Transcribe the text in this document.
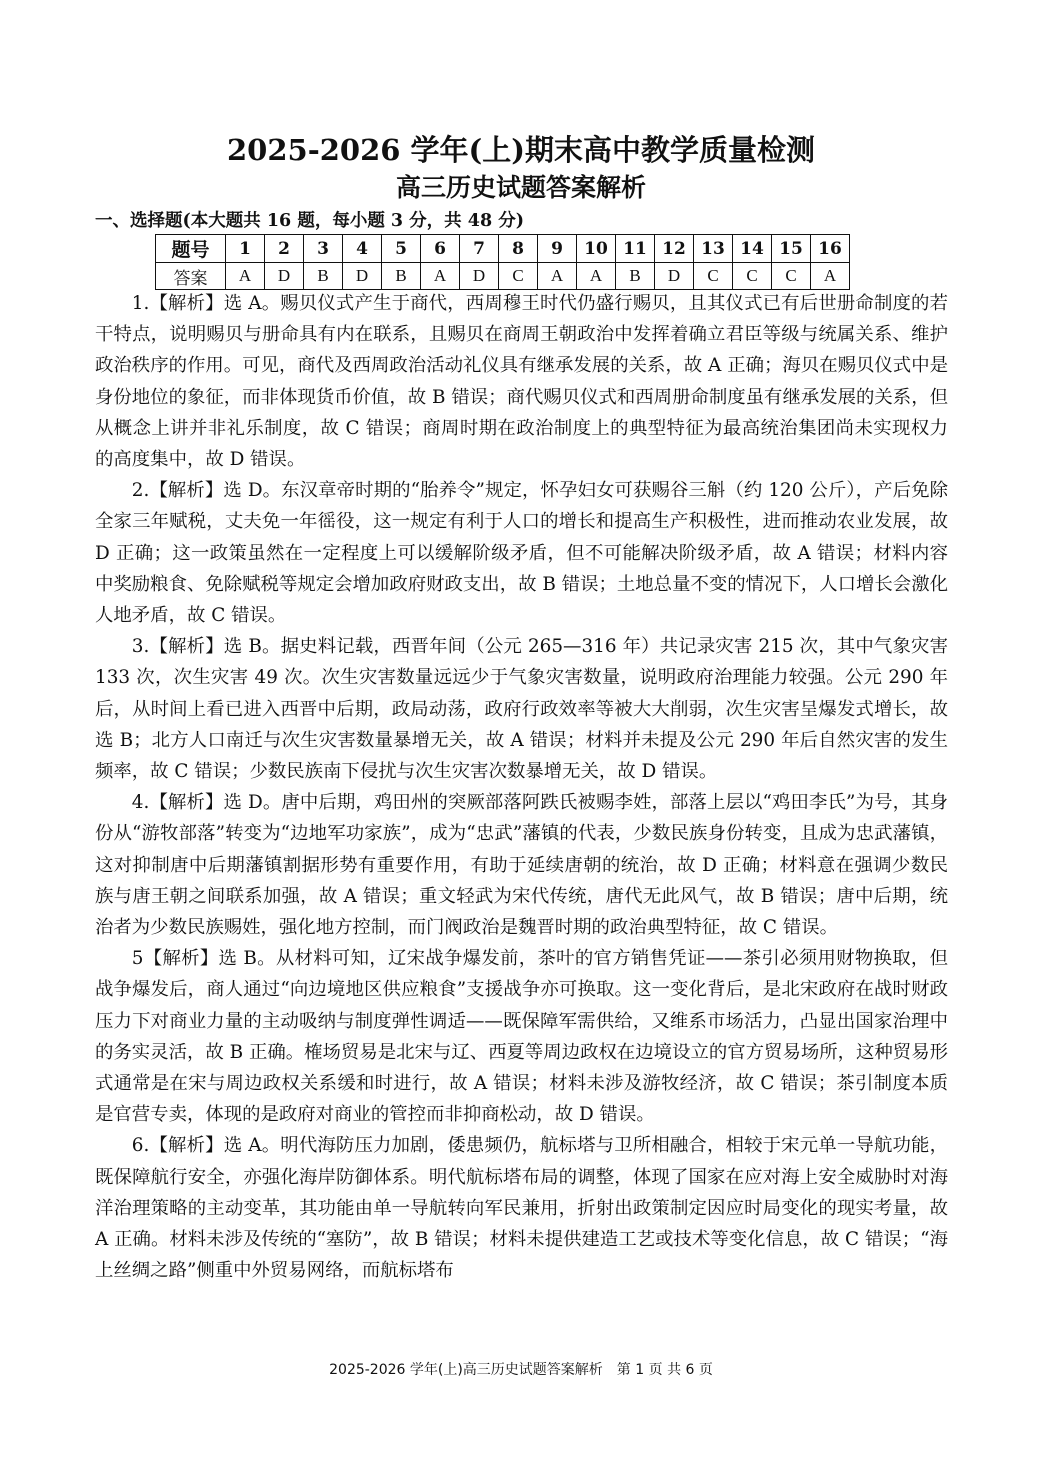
2025-2026 学年(上)期末高中教学质量检测
高三历史试题答案解析
一、选择题(本大题共 16 题，每小题 3 分，共 48 分)
题号	1	2	3	4	5	6	7	8	9	10	11	12	13	14	15	16
答案	A	D	B	D	B	A	D	C	A	A	B	D	C	C	C	A

1.【解析】选 A。赐贝仪式产生于商代，西周穆王时代仍盛行赐贝，且其仪式已有后世册命制度的若干特点，说明赐贝与册命具有内在联系，且赐贝在商周王朝政治中发挥着确立君臣等级与统属关系、维护政治秩序的作用。可见，商代及西周政治活动礼仪具有继承发展的关系，故 A 正确；海贝在赐贝仪式中是身份地位的象征，而非体现货币价值，故 B 错误；商代赐贝仪式和西周册命制度虽有继承发展的关系，但从概念上讲并非礼乐制度，故 C 错误；商周时期在政治制度上的典型特征为最高统治集团尚未实现权力的高度集中，故 D 错误。

2.【解析】选 D。东汉章帝时期的“胎养令”规定，怀孕妇女可获赐谷三斛（约 120 公斤），产后免除全家三年赋税，丈夫免一年徭役，这一规定有利于人口的增长和提高生产积极性，进而推动农业发展，故 D 正确；这一政策虽然在一定程度上可以缓解阶级矛盾，但不可能解决阶级矛盾，故 A 错误；材料内容中奖励粮食、免除赋税等规定会增加政府财政支出，故 B 错误；土地总量不变的情况下，人口增长会激化人地矛盾，故 C 错误。

3.【解析】选 B。据史料记载，西晋年间（公元 265—316 年）共记录灾害 215 次，其中气象灾害 133 次，次生灾害 49 次。次生灾害数量远远少于气象灾害数量，说明政府治理能力较强。公元 290 年后，从时间上看已进入西晋中后期，政局动荡，政府行政效率等被大大削弱，次生灾害呈爆发式增长，故选 B；北方人口南迁与次生灾害数量暴增无关，故 A 错误；材料并未提及公元 290 年后自然灾害的发生频率，故 C 错误；少数民族南下侵扰与次生灾害次数暴增无关，故 D 错误。

4.【解析】选 D。唐中后期，鸡田州的突厥部落阿跌氏被赐李姓，部落上层以“鸡田李氏”为号，其身份从“游牧部落”转变为“边地军功家族”，成为“忠武”藩镇的代表，少数民族身份转变，且成为忠武藩镇，这对抑制唐中后期藩镇割据形势有重要作用，有助于延续唐朝的统治，故 D 正确；材料意在强调少数民族与唐王朝之间联系加强，故 A 错误；重文轻武为宋代传统，唐代无此风气，故 B 错误；唐中后期，统治者为少数民族赐姓，强化地方控制，而门阀政治是魏晋时期的政治典型特征，故 C 错误。

5【解析】选 B。从材料可知，辽宋战争爆发前，茶叶的官方销售凭证——茶引必须用财物换取，但战争爆发后，商人通过“向边境地区供应粮食”支援战争亦可换取。这一变化背后，是北宋政府在战时财政压力下对商业力量的主动吸纳与制度弹性调适——既保障军需供给，又维系市场活力，凸显出国家治理中的务实灵活，故 B 正确。榷场贸易是北宋与辽、西夏等周边政权在边境设立的官方贸易场所，这种贸易形式通常是在宋与周边政权关系缓和时进行，故 A 错误；材料未涉及游牧经济，故 C 错误；茶引制度本质是官营专卖，体现的是政府对商业的管控而非抑商松动，故 D 错误。

6.【解析】选 A。明代海防压力加剧，倭患频仍，航标塔与卫所相融合，相较于宋元单一导航功能，既保障航行安全，亦强化海岸防御体系。明代航标塔布局的调整，体现了国家在应对海上安全威胁时对海洋治理策略的主动变革，其功能由单一导航转向军民兼用，折射出政策制定因应时局变化的现实考量，故 A 正确。材料未涉及传统的“塞防”，故 B 错误；材料未提供建造工艺或技术等变化信息，故 C 错误；“海上丝绸之路”侧重中外贸易网络，而航标塔布

2025-2026 学年(上)高三历史试题答案解析　第 1 页 共 6 页
